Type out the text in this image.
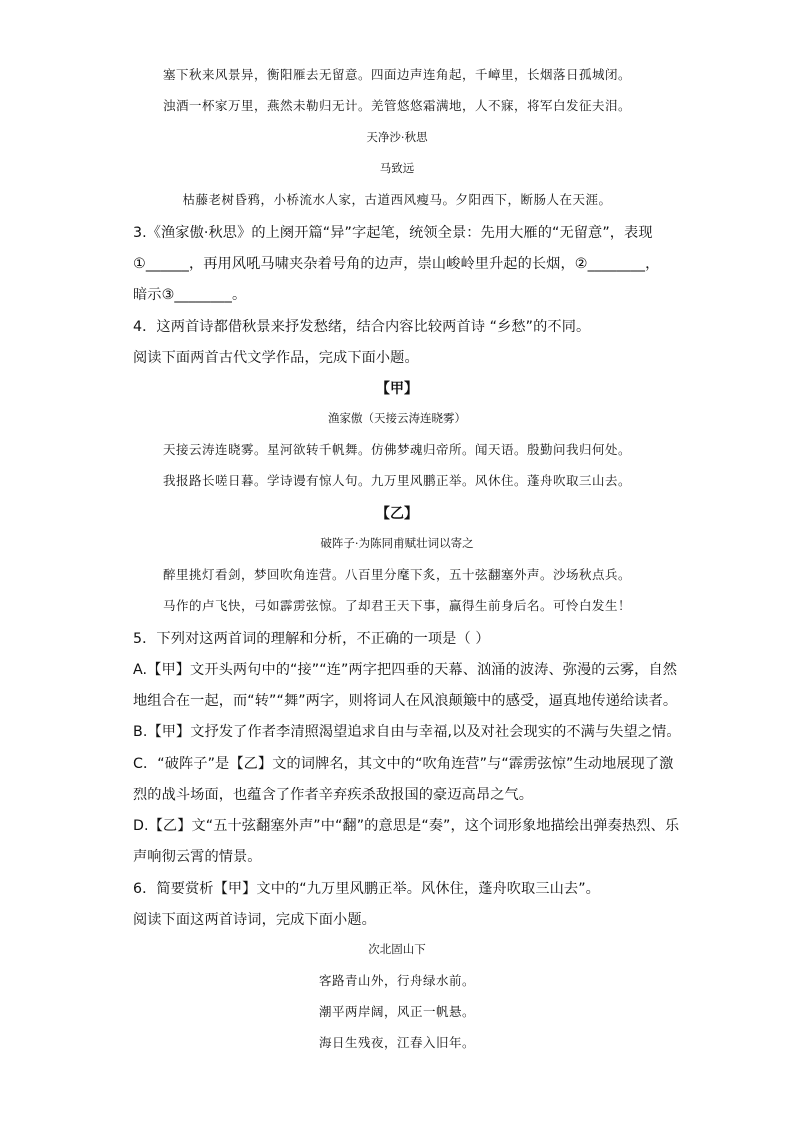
塞下秋来风景异，衡阳雁去无留意。四面边声连角起，千嶂里，长烟落日孤城闭。
浊酒一杯家万里，燕然未勒归无计。羌管悠悠霜满地，人不寐，将军白发征夫泪。
天净沙·秋思
马致远
枯藤老树昏鸦，小桥流水人家，古道西风瘦马。夕阳西下，断肠人在天涯。
3.《渔家傲·秋思》的上阕开篇“异”字起笔，统领全景：先用大雁的“无留意”，表现
①______，再用风吼马啸夹杂着号角的边声，崇山峻岭里升起的长烟，②________，
暗示③________。
4．这两首诗都借秋景来抒发愁绪，结合内容比较两首诗 “乡愁”的不同。
阅读下面两首古代文学作品，完成下面小题。
【甲】
渔家傲（天接云涛连晓雾）
天接云涛连晓雾。星河欲转千帆舞。仿佛梦魂归帝所。闻天语。殷勤问我归何处。
我报路长嗟日暮。学诗谩有惊人句。九万里风鹏正举。风休住。蓬舟吹取三山去。
【乙】
破阵子·为陈同甫赋壮词以寄之
醉里挑灯看剑，梦回吹角连营。八百里分麾下炙，五十弦翻塞外声。沙场秋点兵。
马作的卢飞快，弓如霹雳弦惊。了却君王天下事，赢得生前身后名。可怜白发生！
5．下列对这两首词的理解和分析，不正确的一项是（ ）
A.【甲】文开头两句中的“接”“连”两字把四垂的天幕、汹涌的波涛、弥漫的云雾，自然
地组合在一起，而“转”“舞”两字，则将词人在风浪颠簸中的感受，逼真地传递给读者。
B.【甲】文抒发了作者李清照渴望追求自由与幸福,以及对社会现实的不满与失望之情。
C．“破阵子”是【乙】文的词牌名，其文中的“吹角连营”与“霹雳弦惊”生动地展现了激
烈的战斗场面，也蕴含了作者辛弃疾杀敌报国的豪迈高昂之气。
D.【乙】文“五十弦翻塞外声”中“翻”的意思是“奏”，这个词形象地描绘出弹奏热烈、乐
声响彻云霄的情景。
6．简要赏析【甲】文中的“九万里风鹏正举。风休住，蓬舟吹取三山去”。
阅读下面这两首诗词，完成下面小题。
次北固山下
客路青山外，行舟绿水前。
潮平两岸阔，风正一帆悬。
海日生残夜，江春入旧年。
